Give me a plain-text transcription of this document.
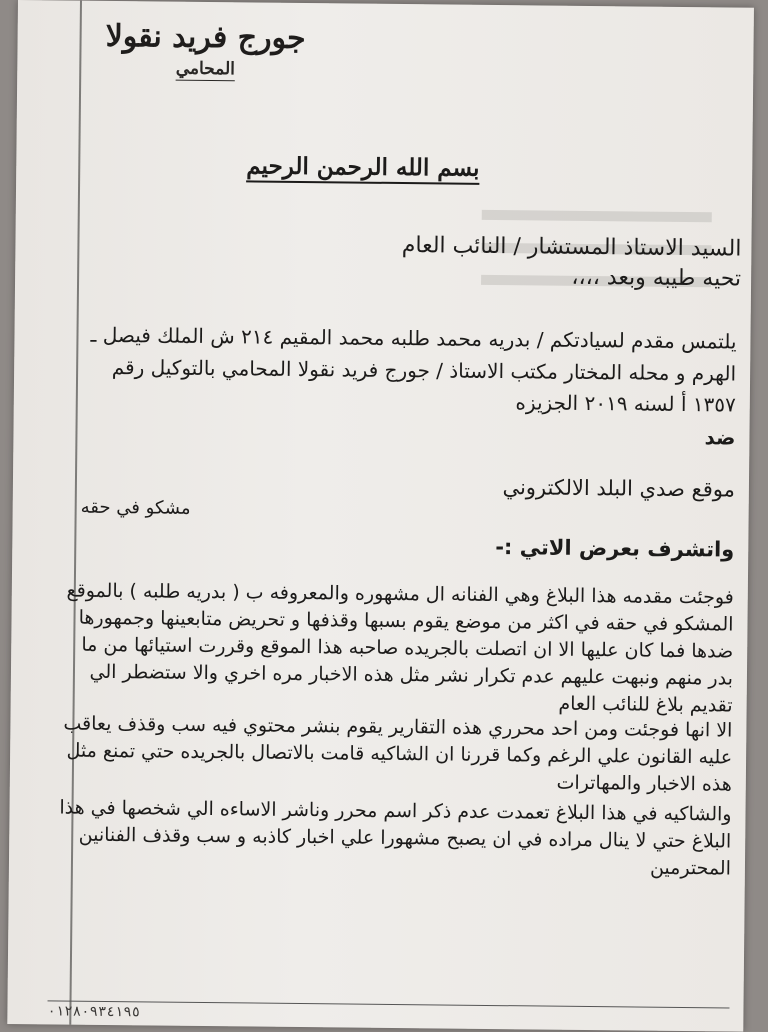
جورج فريد نقولا
المحامي
بسم الله الرحمن الرحيم
السيد الاستاذ المستشار / النائب العام
تحيه طيبه وبعد ،،،،
يلتمس مقدم لسيادتكم / بدريه محمد طلبه محمد المقيم ٢١٤ ش الملك فيصل ـ
الهرم و محله المختار مكتب الاستاذ / جورج فريد نقولا المحامي بالتوكيل رقم
١٣٥٧ أ لسنه ٢٠١٩ الجزيزه
ضد
موقع صدي البلد الالكتروني
مشكو في حقه
واتشرف بعرض الاتي :-
فوجئت مقدمه هذا البلاغ وهي الفنانه ال مشهوره والمعروفه ب ( بدريه طلبه ) بالموقع
المشكو في حقه في اكثر من موضع يقوم بسبها وقذفها و تحريض متابعينها وجمهورها
ضدها فما كان عليها الا ان اتصلت بالجريده صاحبه هذا الموقع وقررت استيائها من ما
بدر منهم ونبهت عليهم عدم تكرار نشر مثل هذه الاخبار مره اخري والا ستضطر الي
تقديم بلاغ للنائب العام
الا انها فوجئت ومن احد محرري هذه التقارير يقوم بنشر محتوي فيه سب وقذف يعاقب
عليه القانون علي الرغم وكما قررنا ان الشاكيه قامت بالاتصال بالجريده حتي تمنع مثل
هذه الاخبار والمهاترات
والشاكيه في هذا البلاغ تعمدت عدم ذكر اسم محرر وناشر الاساءه الي شخصها في هذا
البلاغ حتي لا ينال مراده في ان يصبح مشهورا علي اخبار كاذبه و سب وقذف الفنانين
المحترمين
٠١٢٨٠٩٣٤١٩٥
